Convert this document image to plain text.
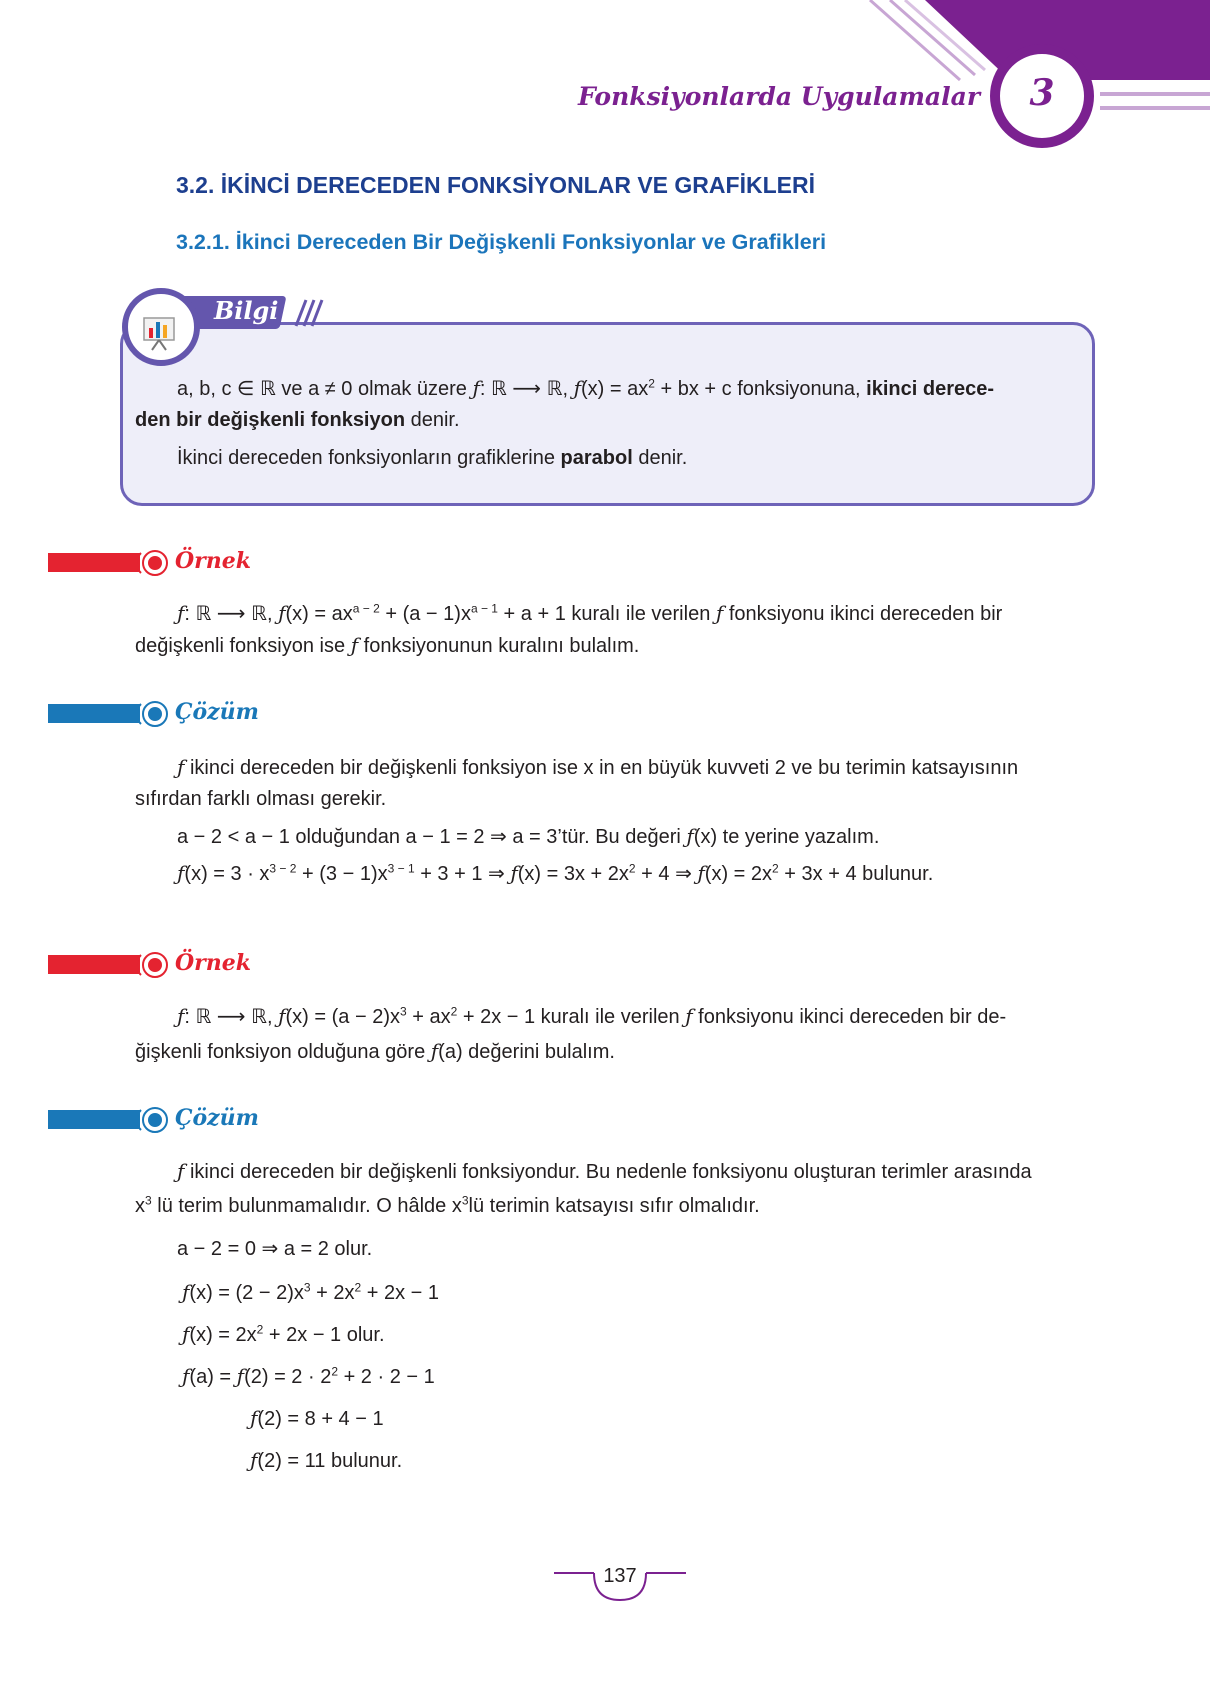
Fonksiyonlarda Uygulamalar	3
3.2. İKİNCİ DERECEDEN FONKSİYONLAR VE GRAFİKLERİ
3.2.1. İkinci Dereceden Bir Değişkenli Fonksiyonlar ve Grafikleri
Bilgi
a, b, c ∈ ℝ ve a ≠ 0 olmak üzere ƒ: ℝ ⟶ ℝ, ƒ(x) = $ax^2$ + bx + c fonksiyonuna, ikinci derece-
den bir değişkenli fonksiyon denir.
İkinci dereceden fonksiyonların grafiklerine parabol denir.
Örnek
ƒ: ℝ ⟶ ℝ, ƒ(x) = $ax^{a - 2} + (a - 1)x^{a - 1} + a + 1$ kuralı ile verilen ƒ fonksiyonu ikinci dereceden bir
değişkenli fonksiyon ise ƒ fonksiyonunun kuralını bulalım.
Çözüm
ƒ ikinci dereceden bir değişkenli fonksiyon ise x in en büyük kuvveti 2 ve bu terimin katsayısının
sıfırdan farklı olması gerekir.
a − 2 < a − 1 olduğundan a − 1 = 2 ⇒ a = 3’tür. Bu değeri ƒ(x) te yerine yazalım.
ƒ(x) = $3 \cdot x^{3 - 2} + (3 - 1)x^{3 - 1} + 3 + 1$ ⇒ ƒ(x) = $3x + 2x^2 + 4$ ⇒ ƒ(x) = $2x^2 + 3x + 4$ bulunur.
Örnek
ƒ: ℝ ⟶ ℝ, ƒ(x) = $(a - 2)x^3 + ax^2 + 2x - 1$ kuralı ile verilen ƒ fonksiyonu ikinci dereceden bir de-
ğişkenli fonksiyon olduğuna göre ƒ(a) değerini bulalım.
Çözüm
ƒ ikinci dereceden bir değişkenli fonksiyondur. Bu nedenle fonksiyonu oluşturan terimler arasında
$x^3$ lü terim bulunmamalıdır. O hâlde $x^3lü$ terimin katsayısı sıfır olmalıdır.
a − 2 = 0 ⇒ a = 2 olur.
ƒ(x) = $(2 - 2)x^3 + 2x^2 + 2x - 1$
ƒ(x) = $2x^2 + 2x - 1$ olur.
ƒ(a) = ƒ(2) = $2 \cdot 2^2 + 2 \cdot 2 - 1$
ƒ(2) = 8 + 4 − 1
ƒ(2) = 11 bulunur.
137
